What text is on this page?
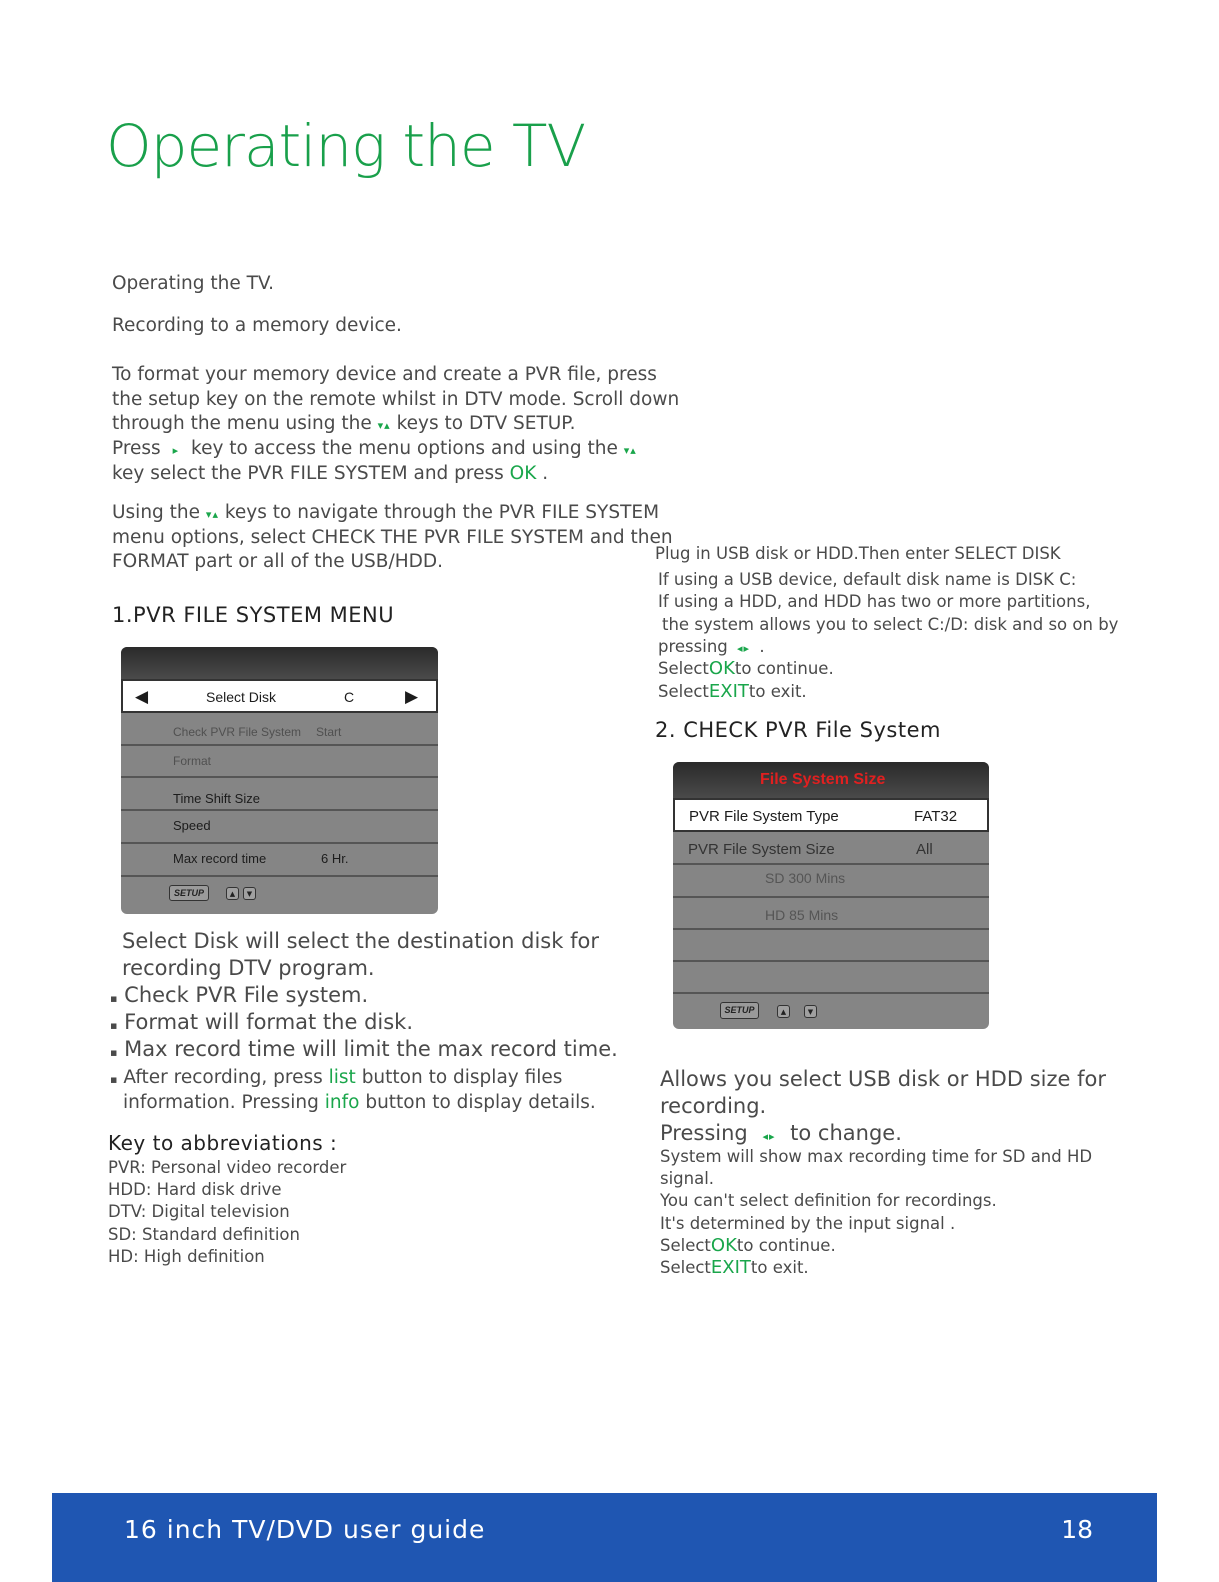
Operating the TV
Operating the TV.
Recording to a memory device.
To format your memory device and create a PVR file, press
the setup key on the remote whilst in DTV mode. Scroll down
through the menu using the ▾▴ keys to DTV SETUP.
Press ▸ key to access the menu options and using the ▾▴
key select the PVR FILE SYSTEM and press OK .
Using the ▾▴ keys to navigate through the PVR FILE SYSTEM
menu options, select CHECK THE PVR FILE SYSTEM and then
FORMAT part or all of the USB/HDD.
1.PVR FILE SYSTEM MENU
◀	Select Disk	C	▶
Check PVR File System Start
Format
Time Shift Size
Speed
Max record time	6 Hr.
SETUP	▲	▼
Select Disk will select the destination disk for
recording DTV program.
▪ Check PVR File system.
▪ Format will format the disk.
▪ Max record time will limit the max record time.
▪ After recording, press list button to display files
information. Pressing info button to display details.
Key to abbreviations :
PVR: Personal video recorder
HDD: Hard disk drive
DTV: Digital television
SD: Standard definition
HD: High definition
Plug in USB disk or HDD.Then enter SELECT DISK
If using a USB device, default disk name is DISK C:
If using a HDD, and HDD has two or more partitions,
the system allows you to select C:/D: disk and so on by
pressing ◂▸ .
SelectOKto continue.
SelectEXITto exit.
2. CHECK PVR File System
File System Size
PVR File System Type	FAT32
PVR File System Size	All
SD 300 Mins
HD 85 Mins
SETUP	▲	▼
Allows you select USB disk or HDD size for
recording.
Pressing ◂▸ to change.
System will show max recording time for SD and HD
signal.
You can't select definition for recordings.
It's determined by the input signal .
SelectOKto continue.
SelectEXITto exit.
16 inch TV/DVD user guide	18
